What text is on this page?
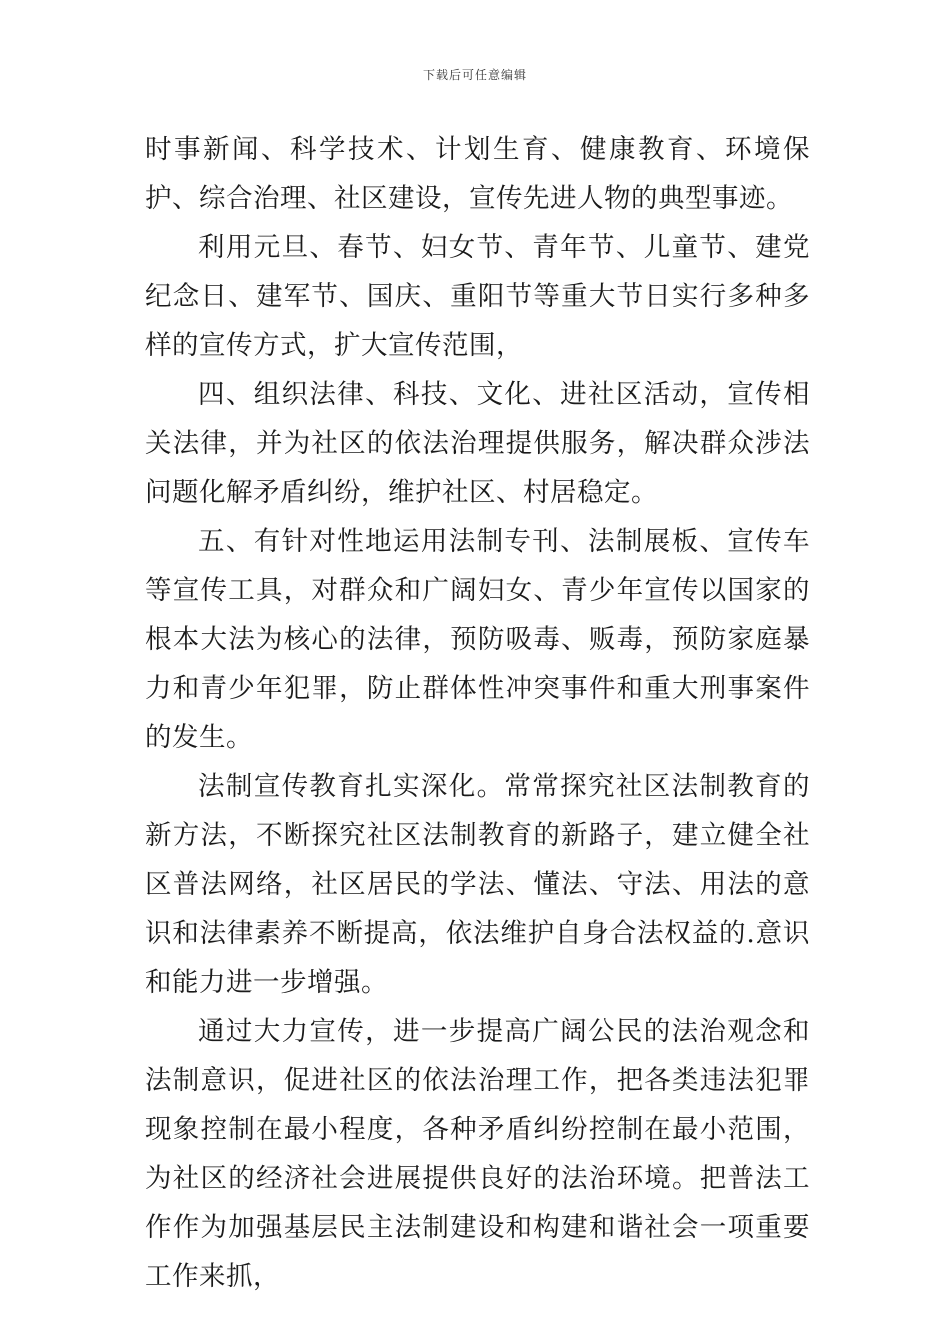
下载后可任意编辑

时事新闻、科学技术、计划生育、健康教育、环境保护、综合治理、社区建设，宣传先进人物的典型事迹。

利用元旦、春节、妇女节、青年节、儿童节、建党纪念日、建军节、国庆、重阳节等重大节日实行多种多样的宣传方式，扩大宣传范围，

四、组织法律、科技、文化、进社区活动，宣传相关法律，并为社区的依法治理提供服务，解决群众涉法问题化解矛盾纠纷，维护社区、村居稳定。

五、有针对性地运用法制专刊、法制展板、宣传车等宣传工具，对群众和广阔妇女、青少年宣传以国家的根本大法为核心的法律，预防吸毒、贩毒，预防家庭暴力和青少年犯罪，防止群体性冲突事件和重大刑事案件的发生。

法制宣传教育扎实深化。常常探究社区法制教育的新方法，不断探究社区法制教育的新路子，建立健全社区普法网络，社区居民的学法、懂法、守法、用法的意识和法律素养不断提高，依法维护自身合法权益的.意识和能力进一步增强。

通过大力宣传，进一步提高广阔公民的法治观念和法制意识，促进社区的依法治理工作，把各类违法犯罪现象控制在最小程度，各种矛盾纠纷控制在最小范围，为社区的经济社会进展提供良好的法治环境。把普法工作作为加强基层民主法制建设和构建和谐社会一项重要工作来抓，
